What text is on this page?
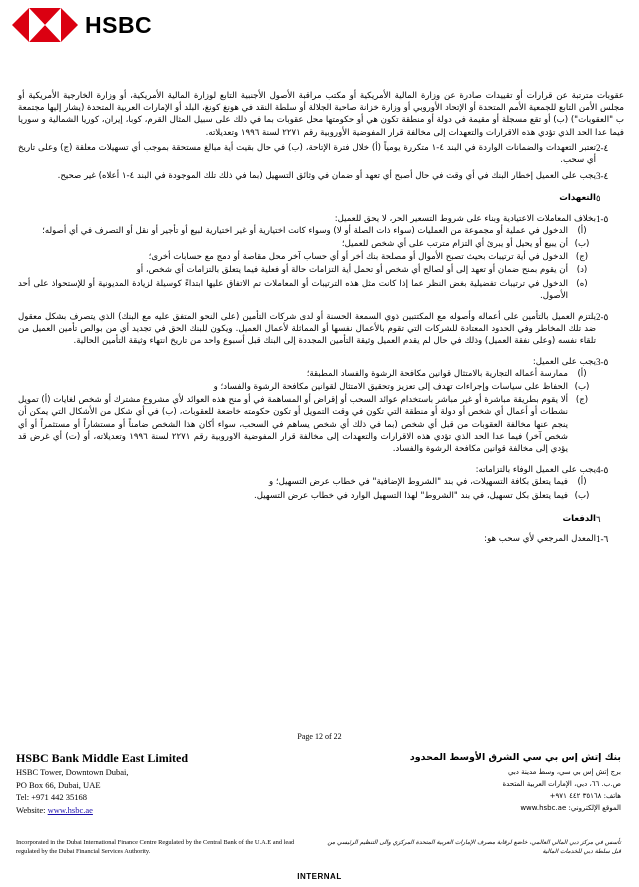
HSBC

عقوبات مترتبة عن قرارات أو تقييدات صادرة عن وزارة المالية الأمريكية أو مكتب مراقبة الأصول الأجنبية التابع لوزارة المالية الأمريكية، أو وزارة الخارجية الأمريكية أو مجلس الأمن التابع للجمعية الأمم المتحدة أو الإتحاد الأوروبي أو وزارة خزانة صاحبة الجلالة أو سلطة النقد في هونغ كونغ، البلد أو الإمارات العربية المتحدة (يشار إليها مجتمعة ب "العقوبات") (ب) أو تقع مسجلة أو مقيمة في دولة أو منطقة تكون هي أو حكومتها محل عقوبات بما في ذلك على سبيل المثال القرم، كوبا، إيران، كوريا الشمالية و سوريا فيما عدا الحد الذي تؤدي هذه الاقرارات والتعهدات إلى مخالفة قرار المفوضية الأوروبية رقم ٢٢٧١ لسنة ١٩٩٦ وتعديلاته.

2-٤
تعتبر التعهدات والضمانات الواردة في البند ٤-١ متكررة يومياً (أ) خلال فترة الإتاحة، (ب) في حال بقيت أية مبالغ مستحقة بموجب أي تسهيلات معلقة (ج) وعلى تاريخ أي سحب.
3-٤
يجب على العميل إخطار البنك في أي وقت في حال أصبح أي تعهد أو ضمان في وثائق التسهيل (بما في ذلك تلك الموجودة في البند ٤-١ أعلاه) غير صحيح.
٥
التعهدات
1-٥
بخلاف المعاملات الاعتيادية وبناء على شروط التسعير الحر، لا يحق للعميل:
(أ)
الدخول في عملية أو مجموعة من العمليات (سواء ذات الصلة أو لا) وسواء كانت اختيارية أو غير اختيارية لبيع أو تأجير أو نقل أو التصرف في أي أصوله؛
(ب)
أن يبيع أو يحيل أو يبرئ أي التزام مترتب على أي شخص للعميل؛
(ج)
الدخول في أية ترتيبات بحيث تصبح الأموال أو مصلحة بنك أخر أو أي حساب آخر محل مقاصة أو دمج مع حسابات أخرى؛
(د)
أن يقوم بمنح ضمان أو تعهد إلى أو لصالح أي شخص أو تحمل أية التزامات حالة أو فعلية فيما يتعلق بالتزامات أي شخص، أو
(ه)
الدخول في ترتيبات تفضيلية بغض النظر عما إذا كانت مثل هذه الترتيبات أو المعاملات تم الاتفاق عليها ابتداءً كوسيلة لزيادة المديونية أو للإستحواذ على أحد الأصول.
2-٥
يلتزم العميل بالتأمين على أعماله وأصوله مع المكتتبين ذوي السمعة الحسنة أو لدى شركات التأمين (على النحو المتفق عليه مع البنك) الذي يتصرف بشكل معقول ضد تلك المخاطر وفي الحدود المعتادة للشركات التي تقوم بالأعمال نفسها أو المماثلة لأعمال العميل. ويكون للبنك الحق في تجديد أي من بوالص تأمين العميل من تلقاء نفسه (وعلى نفقة العميل) وذلك في حال لم يقدم العميل وثيقة التأمين المجددة إلى البنك قبل أسبوع واحد من تاريخ انتهاء وثيقة التأمين الحالية.
3-٥
يجب على العميل:
(أ)
ممارسة أعماله التجارية بالامتثال قوانين مكافحة الرشوة والفساد المطبقة؛
(ب)
الحفاظ على سياسات وإجراءات تهدف إلى تعزيز وتحقيق الامتثال لقوانين مكافحة الرشوة والفساد؛ و
(ج)
ألا يقوم بطريقة مباشرة أو غير مباشر باستخدام عوائد السحب أو إقراض أو المساهمة في أو منح هذه العوائد لأي مشروع مشترك أو شخص لغايات (أ) تمويل نشطات أو أعمال أي شخص أو دولة أو منطقة التي تكون في وقت التمويل أو تكون حكومته خاضعة للعقوبات، (ب) في أي شكل من الأشكال التي يمكن أن ينجم عنها مخالفة العقوبات من قبل أي شخص (بما في ذلك أي شخص يساهم في السحب، سواء أكان هذا الشخص ضامناً أو مستشاراً أو مستثمراً أو أي شخص آخر) فيما عدا الحد الذي تؤدي هذه الاقرارات والتعهدات إلى مخالفة قرار المفوضية الاوروبية رقم ٢٢٧١ لسنة ١٩٩٦ وتعديلاته، أو (ت) أي غرض قد يؤدي إلى مخالفة قوانين مكافحة الرشوة والفساد.
4-٥
يجب على العميل الوفاء بالتزاماته:
(أ)
فيما يتعلق بكافة التسهيلات، في بند "الشروط الإضافية" في خطاب عرض التسهيل؛ و
(ب)
فيما يتعلق بكل تسهيل، في بند "الشروط" لهذا التسهيل الوارد في خطاب عرض التسهيل.
٦
الدفعات
1-٦
المعدل المرجعي لأي سحب هو:
Page 12 of 22
HSBC Bank Middle East Limited
HSBC Tower, Downtown Dubai,
PO Box 66, Dubai, UAE
Tel: +971 442 35168
Website: www.hsbc.ae
بنك إتش إس بي سي الشرق الأوسط المحدود
برج إتش إس بي سي، وسط مدينة دبي
ص.ب. ٦٦، دبي، الإمارات العربية المتحدة
هاتف: ٣٥١٦٨ ٤٤٢ ٩٧١+
الموقع الإلكتروني: www.hsbc.ae
Incorporated in the Dubai International Finance Centre Regulated by the Central Bank of the U.A.E and lead regulated by the Dubai Financial Services Authority.
تأسس في مركز دبي المالي العالمي، خاضع لرقابة مصرف الإمارات العربية المتحدة المركزي والى التنظيم الرئيسي من قبل سلطة دبي للخدمات المالية
INTERNAL
